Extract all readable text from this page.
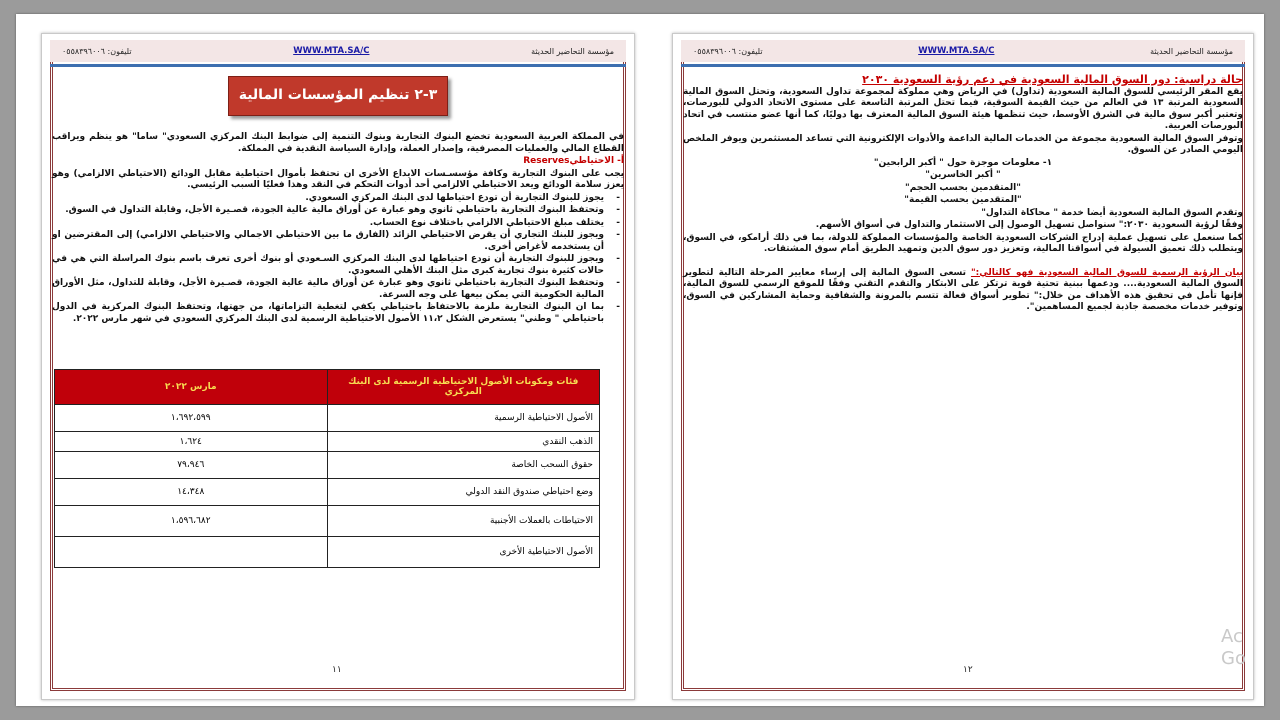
تليفون: ٠٥٥٨٣٩٦٠٠٦	WWW.MTA.SA/C	مؤسسة التحاضير الحديثة
٣-٢ تنظيم المؤسسات المالية

في المملكة العربية السعودية تخضع البنوك التجارية وبنوك التنمية إلى ضوابط البنك المركزي السعودي" ساما" هو ينظم ويراقب القطاع المالي والعمليات المصرفية، وإصدار العملة، وإدارة السياسة النقدية في المملكة.

أ- الاحتياطيReserves

يجب على البنوك التجارية وكافة مؤسسـسات الايداع الأخرى ان تحتفظ بأموال احتياطية مقابل الودائع (الاحتياطي الالزامي) وهو يعزز سلامة الودائع ويعد الاحتياطي الالزامي أحد أدوات التحكم في النقد وهذا فعليًا السبب الرئيسي.

- يجوز للبنوك التجارية أن تودع احتياطها لدى البنك المركزي السعودي.
- وتحتفظ البنوك التجارية باحتياطي ثانوي وهو عبارة عن أوراق مالية عالية الجودة، قصـيرة الأجل، وقابلة التداول في السوق.
- يختلف مبلغ الاحتياطي الالزامي باختلاف نوع الحساب.
- ويجوز للبنك التجاري أن يقرض الاحتياطي الزائد (الفارق ما بين الاحتياطي الاجمالي والاحتياطي الالزامي) إلى المقترضين او أن يستخدمه لأغراض أخرى.
- ويجوز للبنوك التجارية أن تودع احتياطها لدى البنك المركزي السـعودي أو بنوك أخرى تعرف باسم بنوك المراسلة التي هي في حالات كثيرة بنوك تجارية كبرى مثل البنك الأهلي السعودي.
- وتحتفظ البنوك التجارية باحتياطي ثانوي وهو عبارة عن أوراق مالية عالية الجودة، قصـيرة الأجل، وقابلة للتداول، مثل الأوراق المالية الحكومية التي يمكن بيعها على وجه السرعة.
- بما ان البنوك التجارية ملزمة بالاحتفاظ باحتياطي يكفي لتغطية التزاماتها، من جهتها، وتحتفظ البنوك المركزية في الدول باحتياطي " وطني" يستعرض الشكل ١١،٢ الأصول الاحتياطية الرسمية لدى البنك المركزي السعودي في شهر مارس ٢٠٢٢.
فئات ومكونات الأصول الاحتياطية الرسمية لدى البنك المركزي	مارس ٢٠٢٢
الأصول الاحتياطية الرسمية	١،٦٩٢،٥٩٩
الذهب النقدي	١،٦٢٤
حقوق السحب الخاصة	٧٩،٩٤٦
وضع احتياطي صندوق النقد الدولي	١٤،٣٤٨
الاحتياطات بالعملات الأجنبية	١،٥٩٦،٦٨٢
الأصول الاحتياطية الأخرى	
١١
تليفون: ٠٥٥٨٣٩٦٠٠٦	WWW.MTA.SA/C	مؤسسة التحاضير الحديثة

حالة دراسية: دور السوق المالية السعودية في دعم رؤية السعودية ٢٠٣٠

يقع المقر الرئيسي للسوق المالية السعودية (تداول) في الرياض وهي مملوكة لمجموعة تداول السعودية، وتحتل السوق المالية السعودية المرتبة ١٣ في العالم من حيث القيمة السوقية، فيما تحتل المرتبة التاسعة على مستوى الاتحاد الدولي للبورصات، وتعتبر أكبر سوق مالية في الشرق الأوسط، حيث تنظمها هيئة السوق المالية المعترف بها دوليًا، كما أنها عضو منتسب في اتحاد البورصات العربية.

وتوفر السوق المالية السعودية مجموعة من الخدمات المالية الداعمة والأدوات الإلكترونية التي تساعد المستثمرين ويوفر الملخص اليومي الصادر عن السوق.

١- معلومات موجزة حول " أكبر الرابحين"

" أكبر الخاسرين"

"المتقدمين بحسب الحجم"

"المتقدمين بحسب القيمة"

وتقدم السوق المالية السعودية أيضا خدمة " محاكاة التداول"

وفقًا لرؤية السعودية ٢٠٣٠:" سنواصل تسهيل الوصول إلى الاستثمار والتداول في أسواق الأسهم.

كما سنعمل على تسهيل عملية إدراج الشركات السعودية الخاصة والمؤسسات المملوكة للدولة، بما في ذلك أرامكو، في السوق، ويتطلب ذلك تعميق السيولة في أسواقنا المالية، وتعزيز دور سوق الدين وتمهيد الطريق أمام سوق المشتقات.

بيان الرؤية الرسمية للسوق المالية السعودية فهو كالتالي:" تسعى السوق المالية إلى إرساء معايير المرحلة التالية لتطوير السوق المالية السعودية.... ودعمها ببنية تحتية قوية ترتكز على الابتكار والتقدم التقني وفقًا للموقع الرسمي للسوق المالية، فإنها تأمل في تحقيق هذه الأهداف من خلال:" تطوير أسواق فعالة تتسم بالمرونة والشفافية وحماية المشاركين في السوق، وتوفير خدمات مخصصة جاذبة لجميع المساهمين".

١٢
Ac
Go
